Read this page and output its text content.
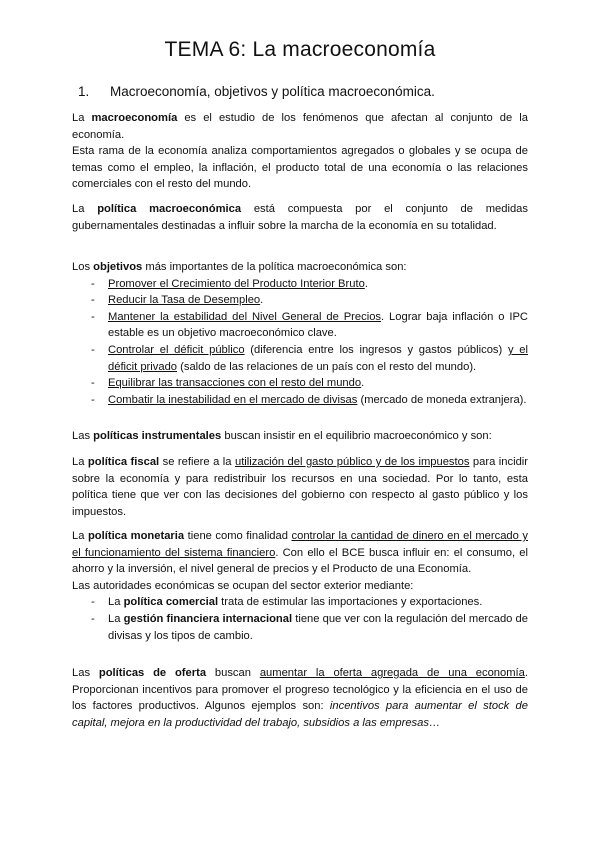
TEMA 6: La macroeconomía
1. Macroeconomía, objetivos y política macroeconómica.

La macroeconomía es el estudio de los fenómenos que afectan al conjunto de la economía.

Esta rama de la economía analiza comportamientos agregados o globales y se ocupa de temas como el empleo, la inflación, el producto total de una economía o las relaciones comerciales con el resto del mundo.

La política macroeconómica está compuesta por el conjunto de medidas gubernamentales destinadas a influir sobre la marcha de la economía en su totalidad.

Los objetivos más importantes de la política macroeconómica son:

- Promover el Crecimiento del Producto Interior Bruto.
- Reducir la Tasa de Desempleo.
- Mantener la estabilidad del Nivel General de Precios. Lograr baja inflación o IPC estable es un objetivo macroeconómico clave.
- Controlar el déficit público (diferencia entre los ingresos y gastos públicos) y el déficit privado (saldo de las relaciones de un país con el resto del mundo).
- Equilibrar las transacciones con el resto del mundo.
- Combatir la inestabilidad en el mercado de divisas (mercado de moneda extranjera).

Las políticas instrumentales buscan insistir en el equilibrio macroeconómico y son:

La política fiscal se refiere a la utilización del gasto público y de los impuestos para incidir sobre la economía y para redistribuir los recursos en una sociedad. Por lo tanto, esta política tiene que ver con las decisiones del gobierno con respecto al gasto público y los impuestos.

La política monetaria tiene como finalidad controlar la cantidad de dinero en el mercado y el funcionamiento del sistema financiero. Con ello el BCE busca influir en: el consumo, el ahorro y la inversión, el nivel general de precios y el Producto de una Economía.

Las autoridades económicas se ocupan del sector exterior mediante:

- La política comercial trata de estimular las importaciones y exportaciones.
- La gestión financiera internacional tiene que ver con la regulación del mercado de divisas y los tipos de cambio.

Las políticas de oferta buscan aumentar la oferta agregada de una economía. Proporcionan incentivos para promover el progreso tecnológico y la eficiencia en el uso de los factores productivos. Algunos ejemplos son: incentivos para aumentar el stock de capital, mejora en la productividad del trabajo, subsidios a las empresas…
